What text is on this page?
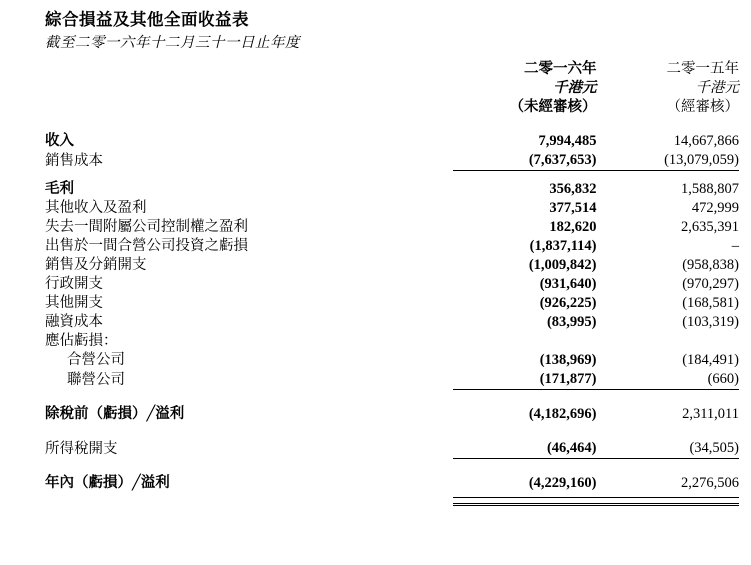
綜合損益及其他全面收益表
截至二零一六年十二月三十一日止年度
	二零一六年	二零一五年
	千港元	千港元
	（未經審核）	（經審核）

收入	7,994,485	14,667,866
銷售成本	(7,637,653)	(13,079,059)

毛利	356,832	1,588,807
其他收入及盈利	377,514	472,999
失去一間附屬公司控制權之盈利	182,620	2,635,391
出售於一間合營公司投資之虧損	(1,837,114)	–
銷售及分銷開支	(1,009,842)	(958,838)
行政開支	(931,640)	(970,297)
其他開支	(926,225)	(168,581)
融資成本	(83,995)	(103,319)
應佔虧損：		
合營公司	(138,969)	(184,491)
聯營公司	(171,877)	(660)

除稅前（虧損）╱溢利	(4,182,696)	2,311,011

所得稅開支	(46,464)	(34,505)

年內（虧損）╱溢利	(4,229,160)	2,276,506
